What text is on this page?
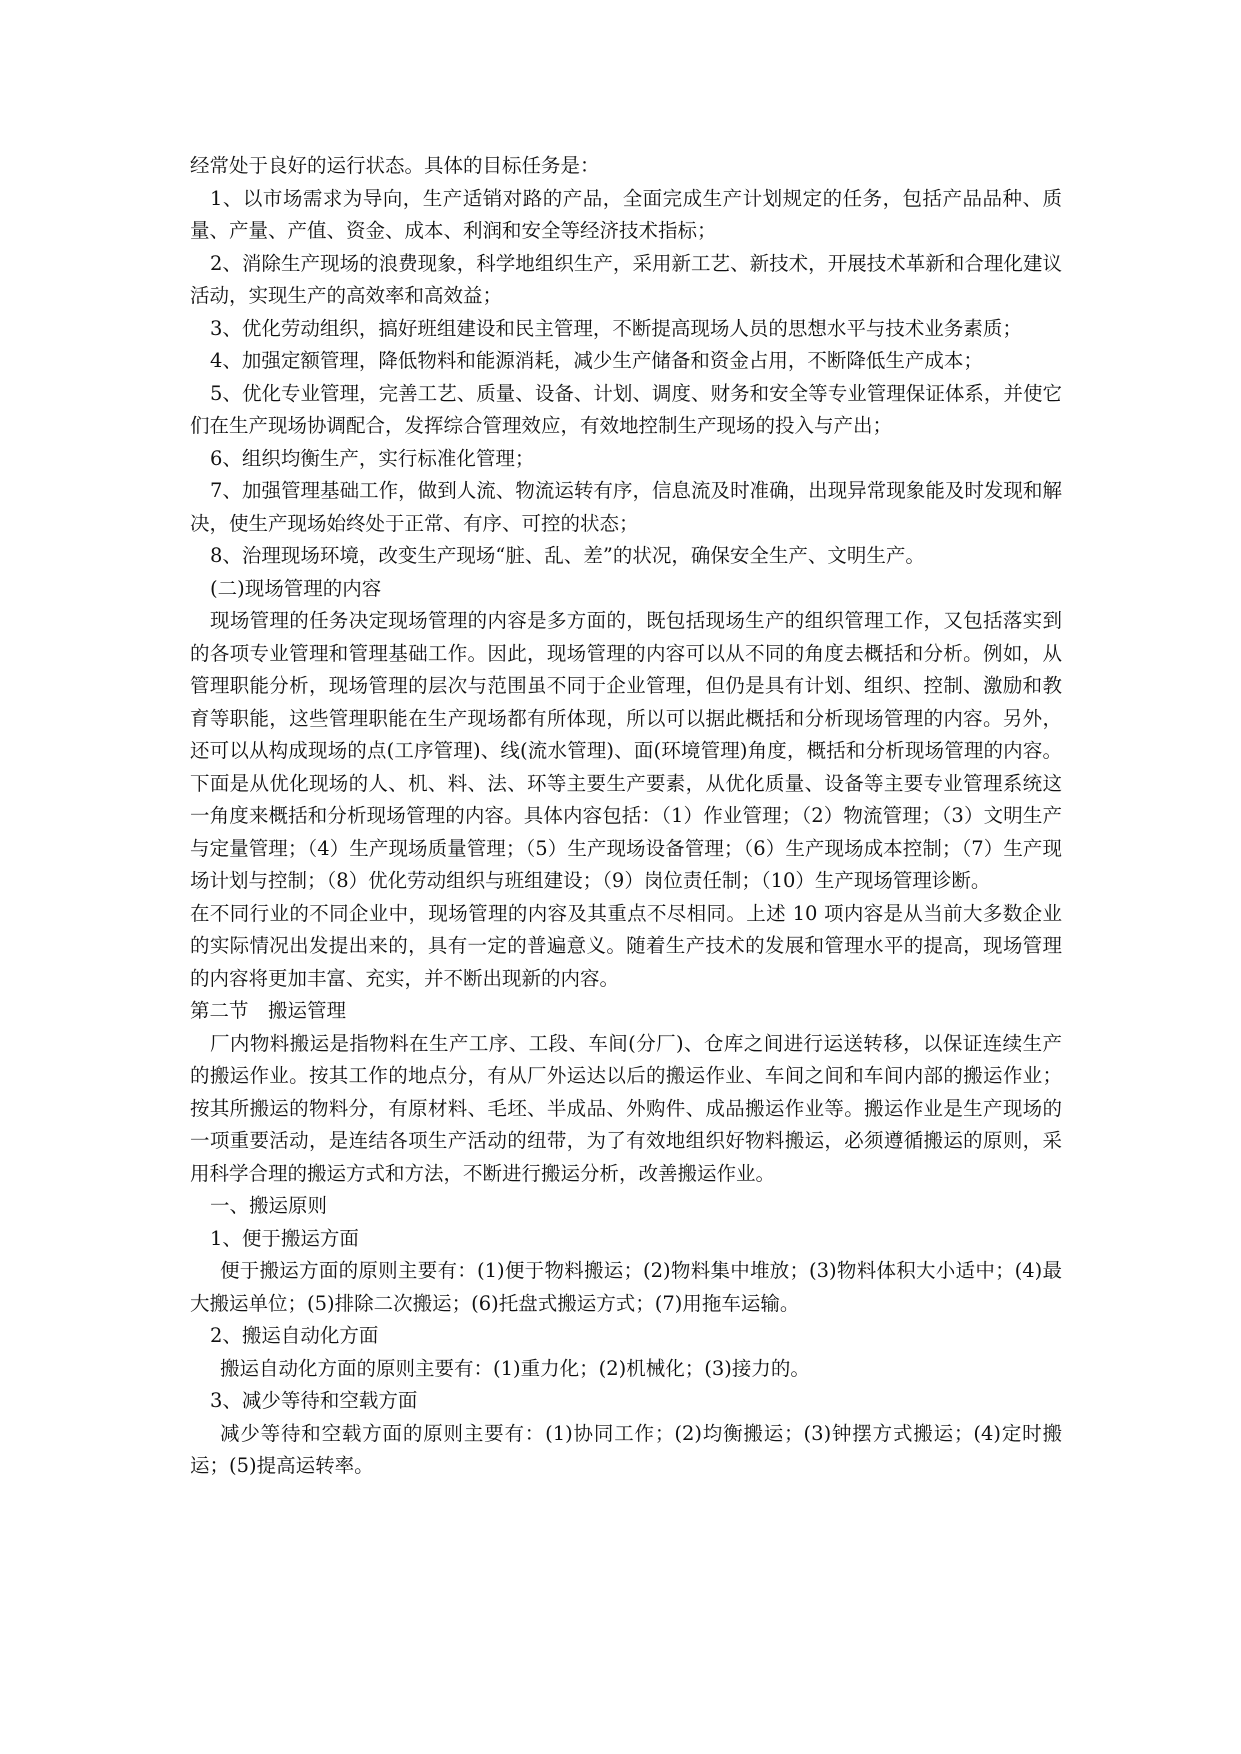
经常处于良好的运行状态。具体的目标任务是：

1、以市场需求为导向，生产适销对路的产品，全面完成生产计划规定的任务，包括产品品种、质量、产量、产值、资金、成本、利润和安全等经济技术指标；

2、消除生产现场的浪费现象，科学地组织生产，采用新工艺、新技术，开展技术革新和合理化建议活动，实现生产的高效率和高效益；

3、优化劳动组织，搞好班组建设和民主管理，不断提高现场人员的思想水平与技术业务素质；

4、加强定额管理，降低物料和能源消耗，减少生产储备和资金占用，不断降低生产成本；

5、优化专业管理，完善工艺、质量、设备、计划、调度、财务和安全等专业管理保证体系，并使它们在生产现场协调配合，发挥综合管理效应，有效地控制生产现场的投入与产出；

6、组织均衡生产，实行标准化管理；

7、加强管理基础工作，做到人流、物流运转有序，信息流及时准确，出现异常现象能及时发现和解决，使生产现场始终处于正常、有序、可控的状态；

8、治理现场环境，改变生产现场“脏、乱、差”的状况，确保安全生产、文明生产。

(二)现场管理的内容

现场管理的任务决定现场管理的内容是多方面的，既包括现场生产的组织管理工作，又包括落实到的各项专业管理和管理基础工作。因此，现场管理的内容可以从不同的角度去概括和分析。例如，从管理职能分析，现场管理的层次与范围虽不同于企业管理，但仍是具有计划、组织、控制、激励和教育等职能，这些管理职能在生产现场都有所体现，所以可以据此概括和分析现场管理的内容。另外，还可以从构成现场的点(工序管理)、线(流水管理)、面(环境管理)角度，概括和分析现场管理的内容。下面是从优化现场的人、机、料、法、环等主要生产要素，从优化质量、设备等主要专业管理系统这一角度来概括和分析现场管理的内容。具体内容包括：（1）作业管理；（2）物流管理；（3）文明生产与定量管理；（4）生产现场质量管理；（5）生产现场设备管理；（6）生产现场成本控制；（7）生产现场计划与控制；（8）优化劳动组织与班组建设；（9）岗位责任制；（10）生产现场管理诊断。

在不同行业的不同企业中，现场管理的内容及其重点不尽相同。上述 10 项内容是从当前大多数企业的实际情况出发提出来的，具有一定的普遍意义。随着生产技术的发展和管理水平的提高，现场管理的内容将更加丰富、充实，并不断出现新的内容。

第二节　搬运管理

厂内物料搬运是指物料在生产工序、工段、车间(分厂)、仓库之间进行运送转移，以保证连续生产的搬运作业。按其工作的地点分，有从厂外运达以后的搬运作业、车间之间和车间内部的搬运作业；按其所搬运的物料分，有原材料、毛坯、半成品、外购件、成品搬运作业等。搬运作业是生产现场的一项重要活动，是连结各项生产活动的纽带，为了有效地组织好物料搬运，必须遵循搬运的原则，采用科学合理的搬运方式和方法，不断进行搬运分析，改善搬运作业。

一、搬运原则

1、便于搬运方面

便于搬运方面的原则主要有：(1)便于物料搬运；(2)物料集中堆放；(3)物料体积大小适中；(4)最大搬运单位；(5)排除二次搬运；(6)托盘式搬运方式；(7)用拖车运输。

2、搬运自动化方面

搬运自动化方面的原则主要有：(1)重力化；(2)机械化；(3)接力的。

3、减少等待和空载方面

减少等待和空载方面的原则主要有：(1)协同工作；(2)均衡搬运；(3)钟摆方式搬运；(4)定时搬运；(5)提高运转率。
